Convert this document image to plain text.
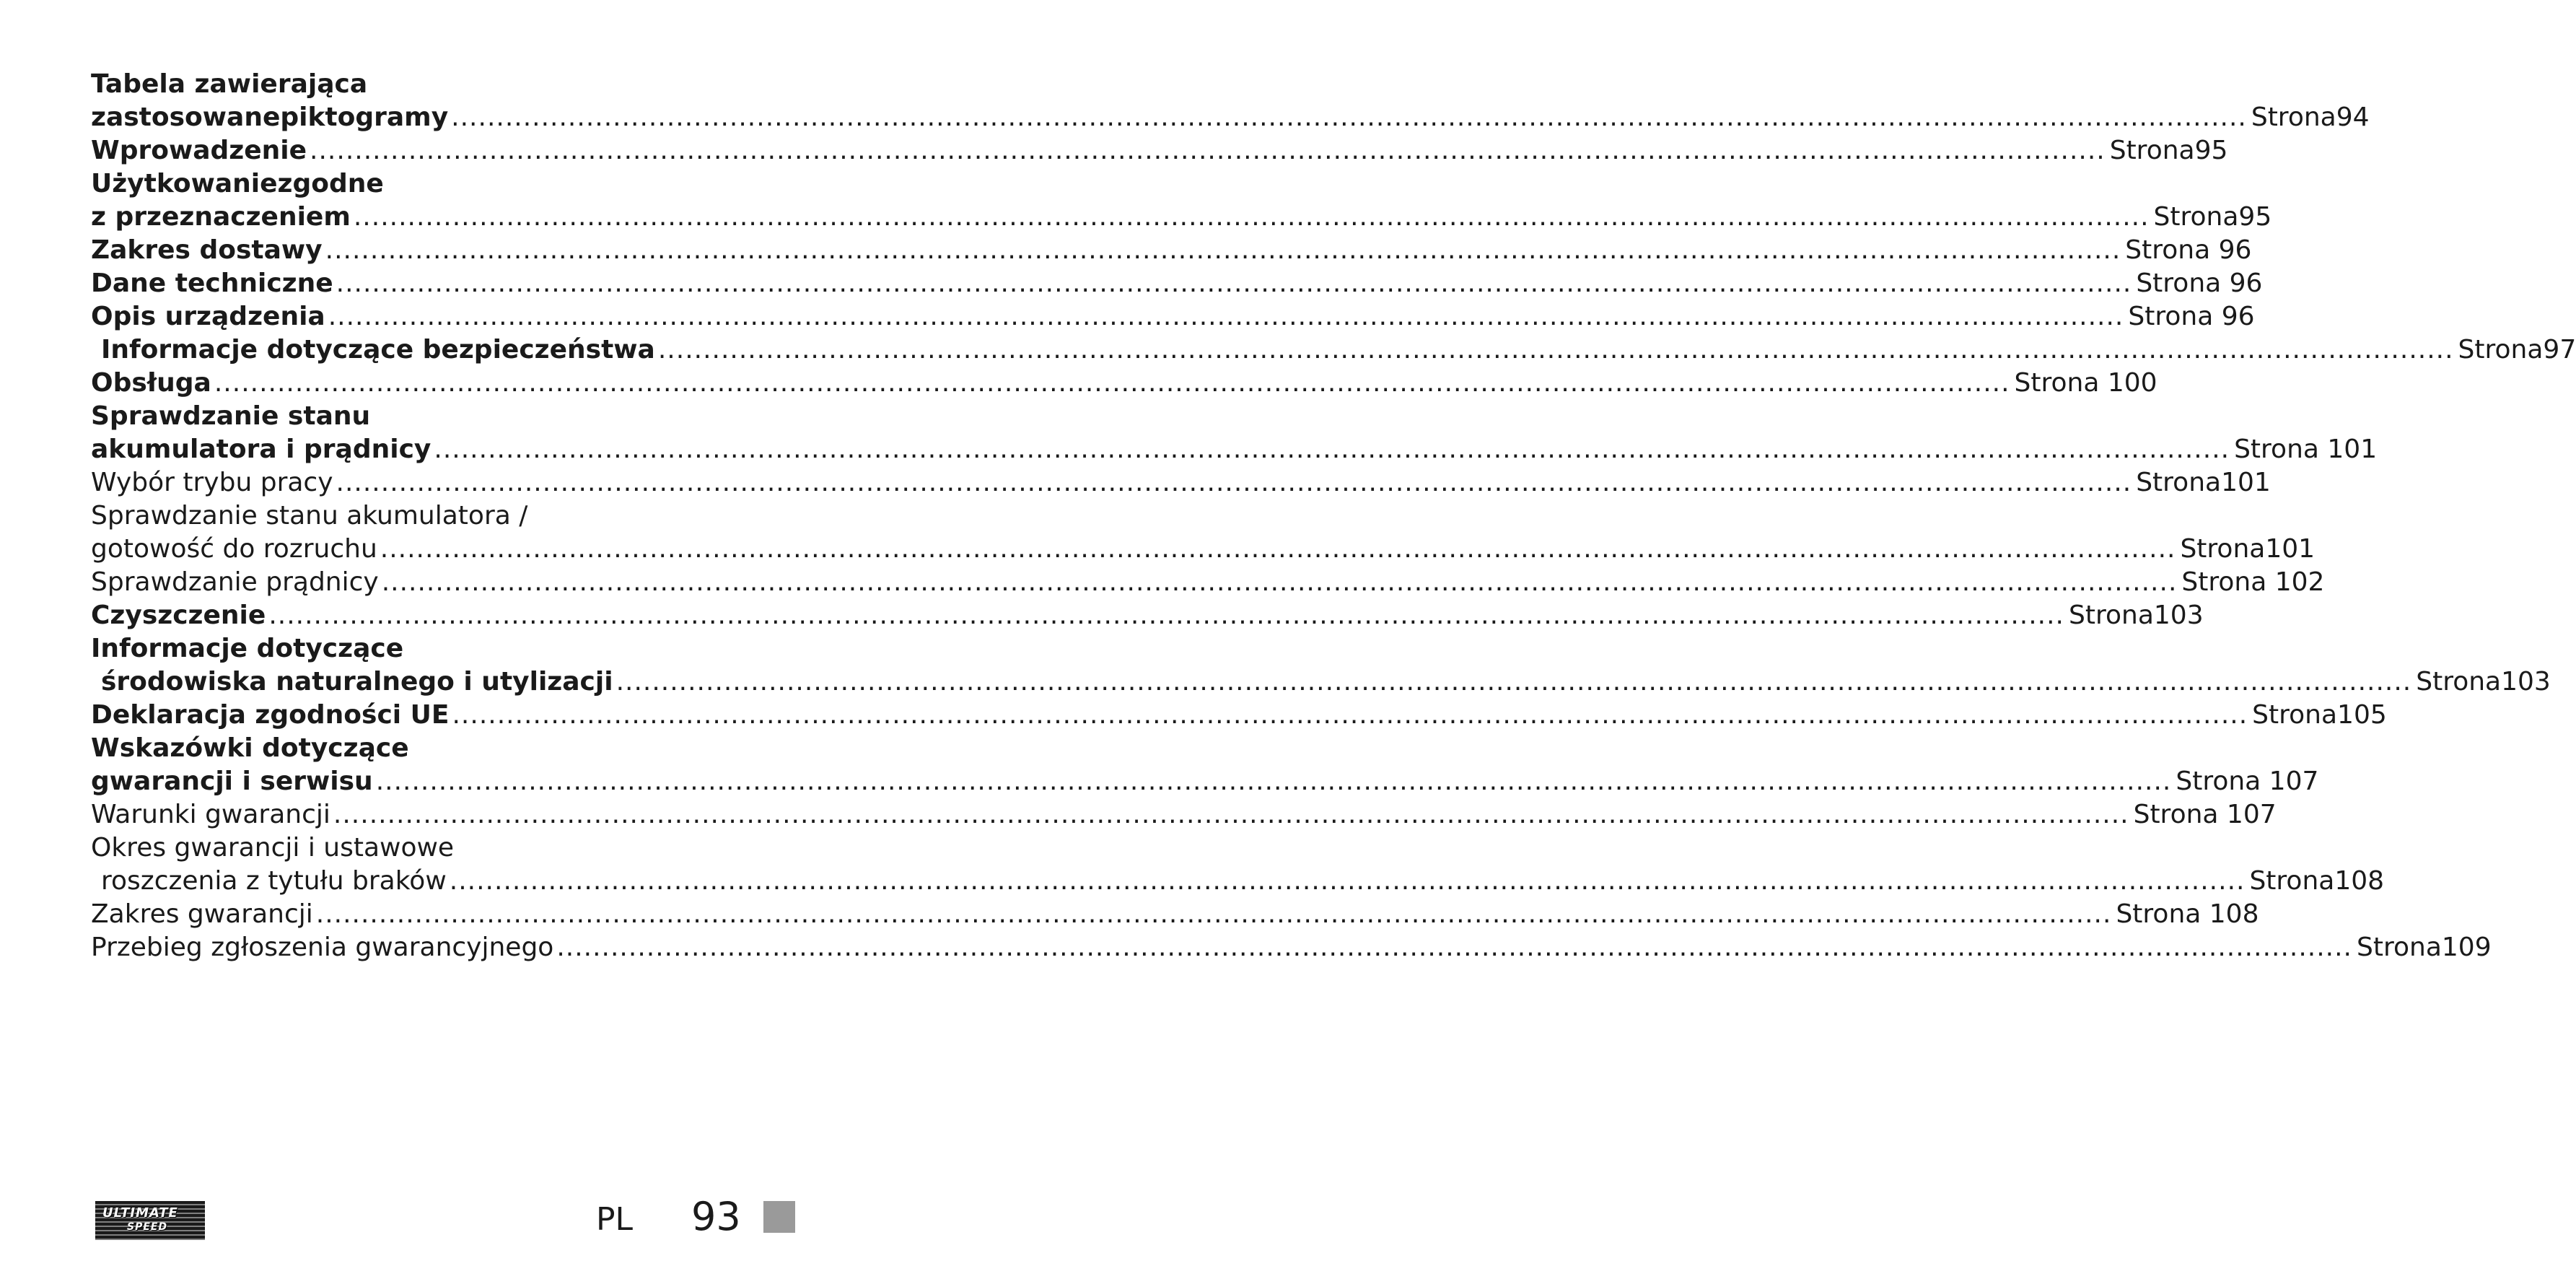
Tabela zawierająca
zastosowanepiktogramy ........................................................................................................................................................................................................ Strona94
Wprowadzenie ........................................................................................................................................................................................................ Strona95
Użytkowaniezgodne
z przeznaczeniem ........................................................................................................................................................................................................ Strona95
Zakres dostawy ........................................................................................................................................................................................................ Strona 96
Dane techniczne ........................................................................................................................................................................................................ Strona 96
Opis urządzenia ........................................................................................................................................................................................................ Strona 96
Informacje dotyczące bezpieczeństwa ........................................................................................................................................................................................................ Strona97
Obsługa ........................................................................................................................................................................................................ Strona 100
Sprawdzanie stanu
akumulatora i prądnicy ........................................................................................................................................................................................................ Strona 101
Wybór trybu pracy ........................................................................................................................................................................................................ Strona101
Sprawdzanie stanu akumulatora /
gotowość do rozruchu ........................................................................................................................................................................................................ Strona101
Sprawdzanie prądnicy ........................................................................................................................................................................................................ Strona 102
Czyszczenie ........................................................................................................................................................................................................ Strona103
Informacje dotyczące
środowiska naturalnego i utylizacji ........................................................................................................................................................................................................ Strona103
Deklaracja zgodności UE ........................................................................................................................................................................................................ Strona105
Wskazówki dotyczące
gwarancji i serwisu ........................................................................................................................................................................................................ Strona 107
Warunki gwarancji ........................................................................................................................................................................................................ Strona 107
Okres gwarancji i ustawowe
roszczenia z tytułu braków ........................................................................................................................................................................................................ Strona108
Zakres gwarancji ........................................................................................................................................................................................................ Strona 108
Przebieg zgłoszenia gwarancyjnego ........................................................................................................................................................................................................ Strona109
ULTIMATE
SPEED	PL 93
